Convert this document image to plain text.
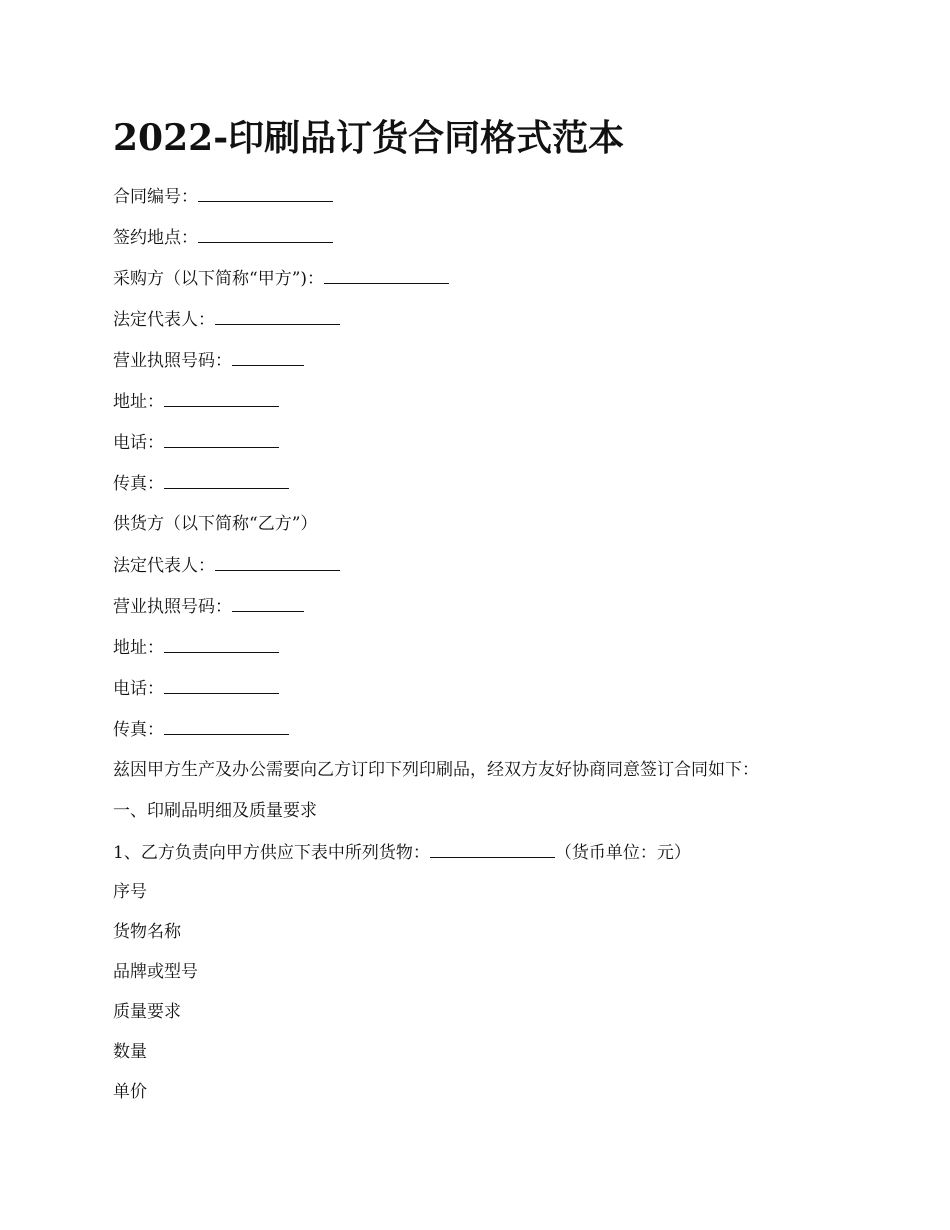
2022-印刷品订货合同格式范本
合同编号：
签约地点：
采购方（以下简称“甲方”)：
法定代表人：
营业执照号码：
地址：
电话：
传真：
供货方（以下简称“乙方”）
法定代表人：
营业执照号码：
地址：
电话：
传真：
兹因甲方生产及办公需要向乙方订印下列印刷品，经双方友好协商同意签订合同如下：
一、印刷品明细及质量要求
1、乙方负责向甲方供应下表中所列货物：	（货币单位：元）
序号
货物名称
品牌或型号
质量要求
数量
单价
